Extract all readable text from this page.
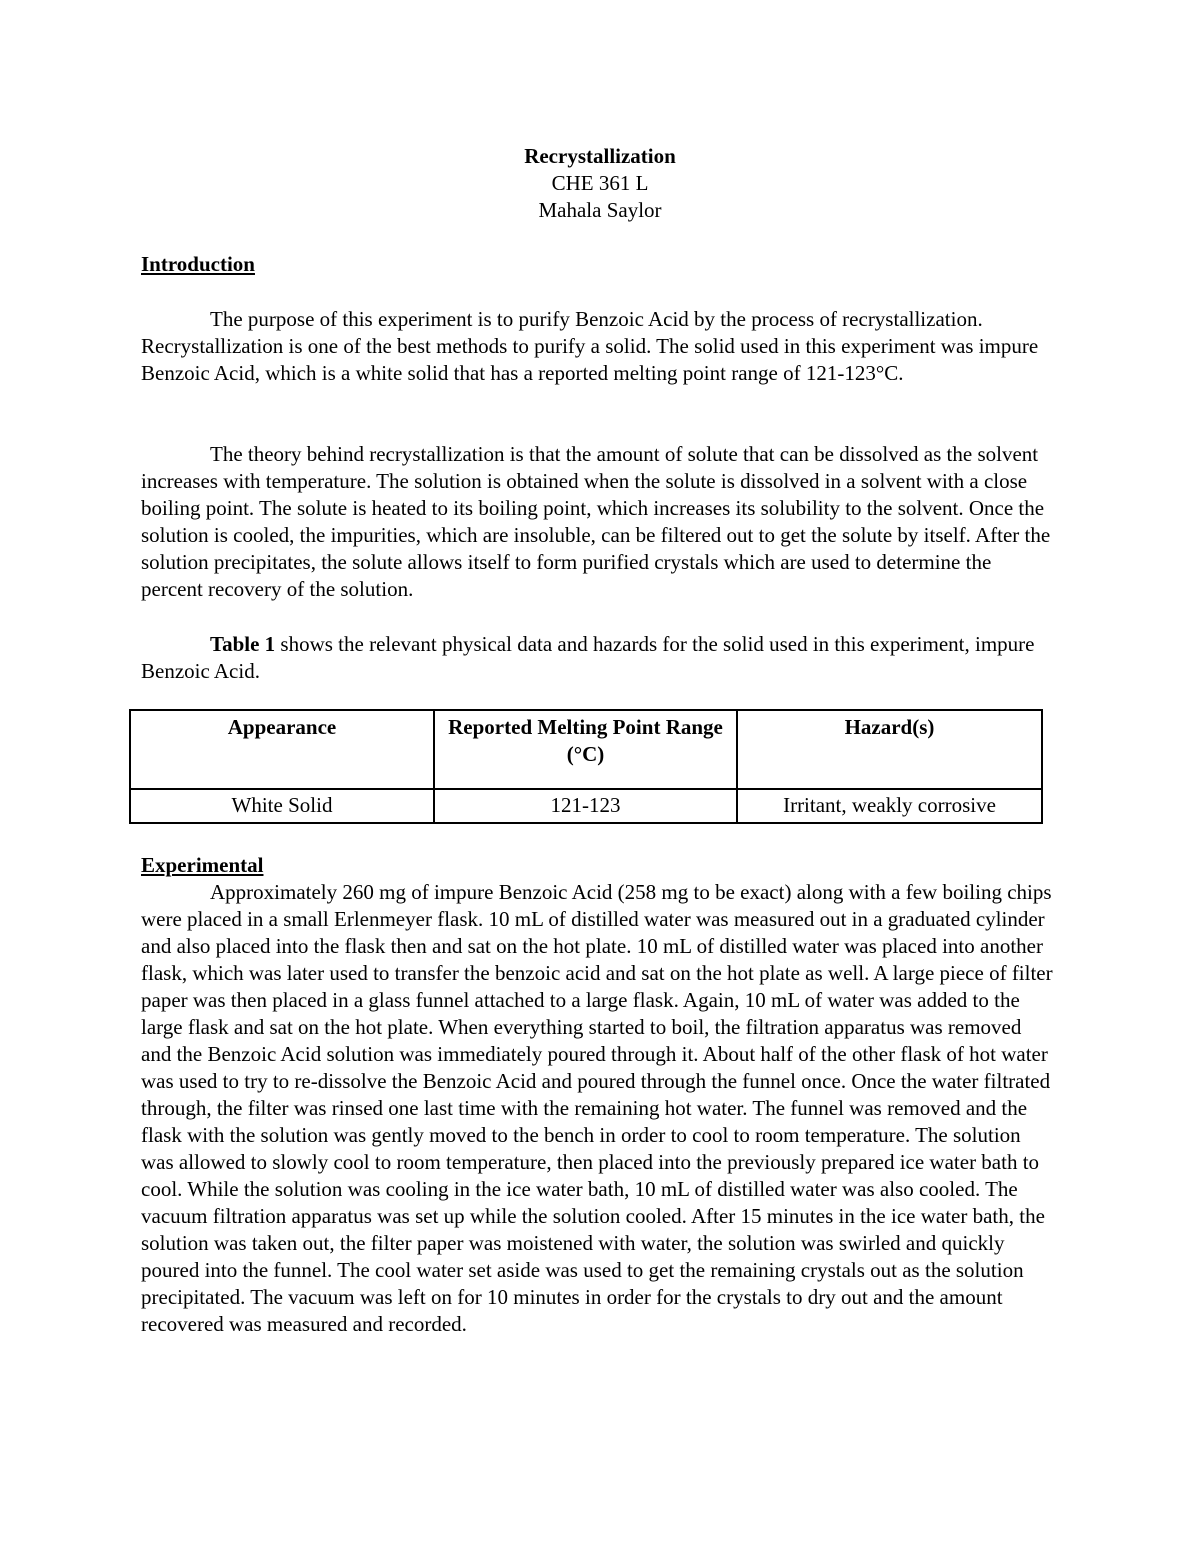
Recrystallization
CHE 361 L
Mahala Saylor
Introduction

The purpose of this experiment is to purify Benzoic Acid by the process of recrystallization. Recrystallization is one of the best methods to purify a solid. The solid used in this experiment was impure Benzoic Acid, which is a white solid that has a reported melting point range of 121-123°C.

The theory behind recrystallization is that the amount of solute that can be dissolved as the solvent increases with temperature. The solution is obtained when the solute is dissolved in a solvent with a close boiling point. The solute is heated to its boiling point, which increases its solubility to the solvent. Once the solution is cooled, the impurities, which are insoluble, can be filtered out to get the solute by itself. After the solution precipitates, the solute allows itself to form purified crystals which are used to determine the percent recovery of the solution.

Table 1 shows the relevant physical data and hazards for the solid used in this experiment, impure Benzoic Acid.

Appearance	Reported Melting Point Range (°C)	Hazard(s)
White Solid	121-123	Irritant, weakly corrosive
Experimental

Approximately 260 mg of impure Benzoic Acid (258 mg to be exact) along with a few boiling chips were placed in a small Erlenmeyer flask. 10 mL of distilled water was measured out in a graduated cylinder and also placed into the flask then and sat on the hot plate. 10 mL of distilled water was placed into another flask, which was later used to transfer the benzoic acid and sat on the hot plate as well. A large piece of filter paper was then placed in a glass funnel attached to a large flask. Again, 10 mL of water was added to the large flask and sat on the hot plate. When everything started to boil, the filtration apparatus was removed and the Benzoic Acid solution was immediately poured through it. About half of the other flask of hot water was used to try to re-dissolve the Benzoic Acid and poured through the funnel once. Once the water filtrated through, the filter was rinsed one last time with the remaining hot water. The funnel was removed and the flask with the solution was gently moved to the bench in order to cool to room temperature. The solution was allowed to slowly cool to room temperature, then placed into the previously prepared ice water bath to cool. While the solution was cooling in the ice water bath, 10 mL of distilled water was also cooled. The vacuum filtration apparatus was set up while the solution cooled. After 15 minutes in the ice water bath, the solution was taken out, the filter paper was moistened with water, the solution was swirled and quickly poured into the funnel. The cool water set aside was used to get the remaining crystals out as the solution precipitated. The vacuum was left on for 10 minutes in order for the crystals to dry out and the amount recovered was measured and recorded.
